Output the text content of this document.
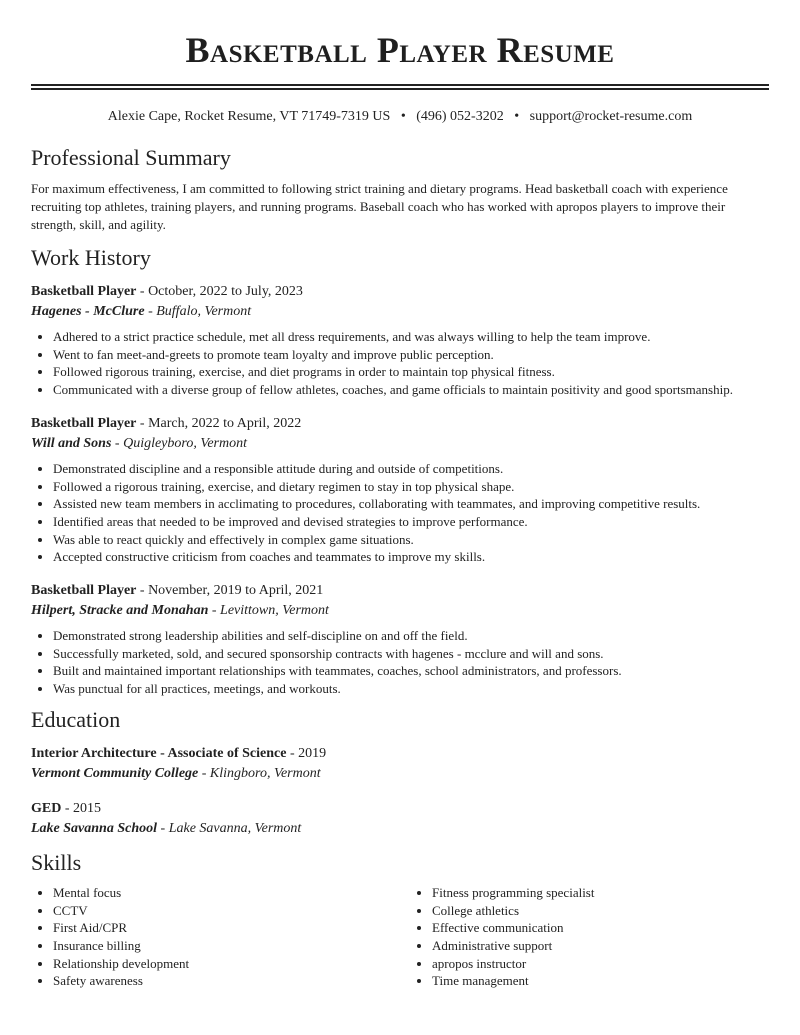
Basketball Player Resume
Alexie Cape, Rocket Resume, VT 71749-7319 US • (496) 052-3202 • support@rocket-resume.com
Professional Summary

For maximum effectiveness, I am committed to following strict training and dietary programs. Head basketball coach with experience recruiting top athletes, training players, and running programs. Baseball coach who has worked with apropos players to improve their strength, skill, and agility.

Work History
Basketball Player - October, 2022 to July, 2023
Hagenes - McClure - Buffalo, Vermont
• Adhered to a strict practice schedule, met all dress requirements, and was always willing to help the team improve.
• Went to fan meet-and-greets to promote team loyalty and improve public perception.
• Followed rigorous training, exercise, and diet programs in order to maintain top physical fitness.
• Communicated with a diverse group of fellow athletes, coaches, and game officials to maintain positivity and good sportsmanship.
Basketball Player - March, 2022 to April, 2022
Will and Sons - Quigleyboro, Vermont
• Demonstrated discipline and a responsible attitude during and outside of competitions.
• Followed a rigorous training, exercise, and dietary regimen to stay in top physical shape.
• Assisted new team members in acclimating to procedures, collaborating with teammates, and improving competitive results.
• Identified areas that needed to be improved and devised strategies to improve performance.
• Was able to react quickly and effectively in complex game situations.
• Accepted constructive criticism from coaches and teammates to improve my skills.
Basketball Player - November, 2019 to April, 2021
Hilpert, Stracke and Monahan - Levittown, Vermont
• Demonstrated strong leadership abilities and self-discipline on and off the field.
• Successfully marketed, sold, and secured sponsorship contracts with hagenes - mcclure and will and sons.
• Built and maintained important relationships with teammates, coaches, school administrators, and professors.
• Was punctual for all practices, meetings, and workouts.
Education
Interior Architecture - Associate of Science - 2019
Vermont Community College - Klingboro, Vermont
GED - 2015
Lake Savanna School - Lake Savanna, Vermont
Skills
• Mental focus
• CCTV
• First Aid/CPR
• Insurance billing
• Relationship development
• Safety awareness
• Fitness programming specialist
• College athletics
• Effective communication
• Administrative support
• apropos instructor
• Time management
